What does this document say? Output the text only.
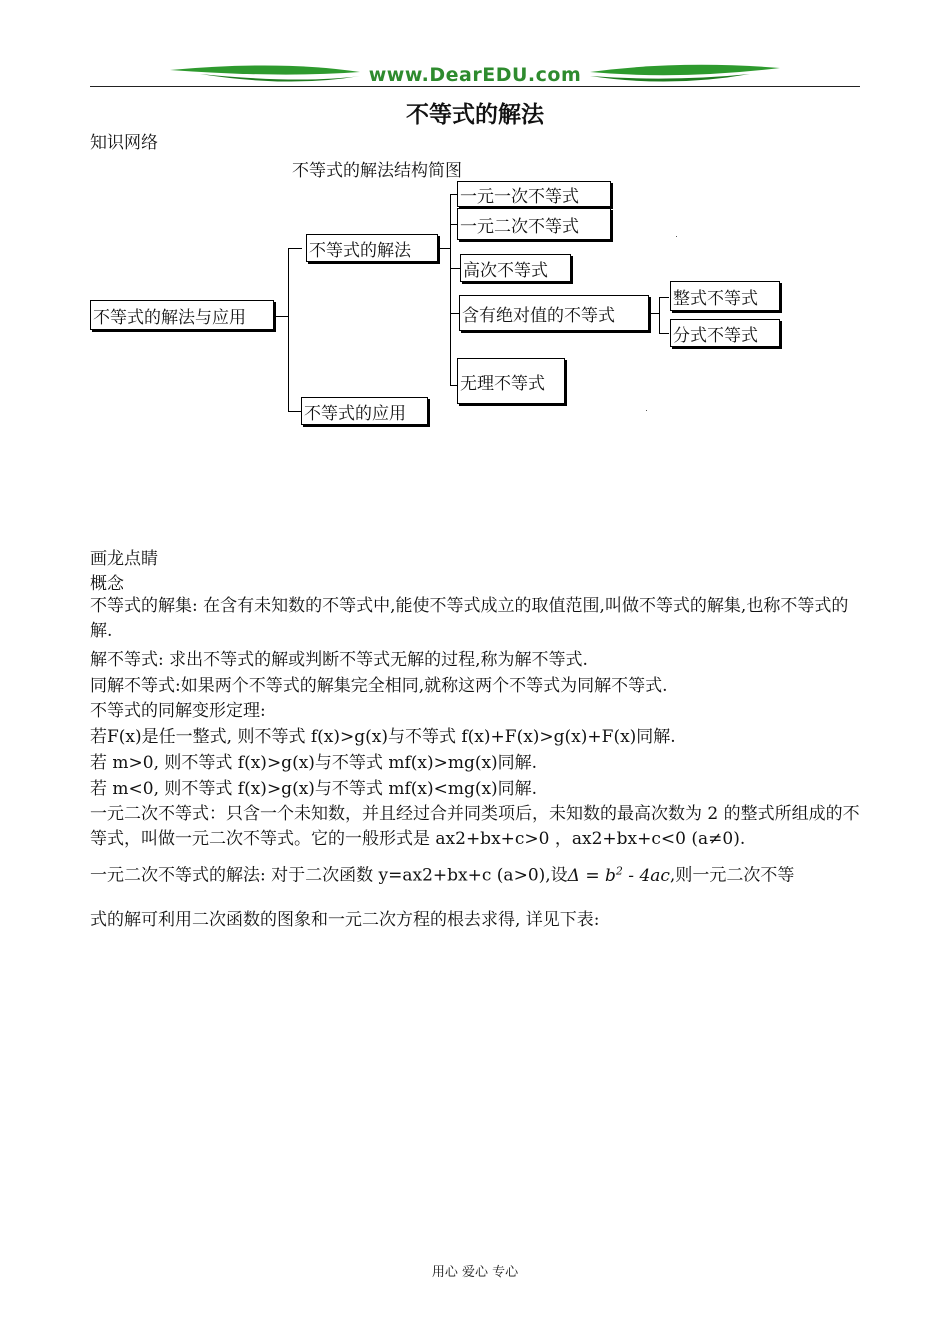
www.DearEDU.com
不等式的解法
知识网络
不等式的解法结构简图
不等式的解法与应用
不等式的解法
不等式的应用
一元一次不等式
一元二次不等式
高次不等式
含有绝对值的不等式
整式不等式
分式不等式
无理不等式
画龙点睛
概念
不等式的解集: 在含有未知数的不等式中,能使不等式成立的取值范围,叫做不等式的解集,也称不等式的解.
解不等式: 求出不等式的解或判断不等式无解的过程,称为解不等式.
同解不等式:如果两个不等式的解集完全相同,就称这两个不等式为同解不等式.
不等式的同解变形定理:
若F(x)是任一整式, 则不等式 f(x)>g(x)与不等式 f(x)+F(x)>g(x)+F(x)同解.
若 m>0, 则不等式 f(x)>g(x)与不等式 mf(x)>mg(x)同解.
若 m<0, 则不等式 f(x)>g(x)与不等式 mf(x)<mg(x)同解.
一元二次不等式：只含一个未知数，并且经过合并同类项后，未知数的最高次数为 2 的整式所组成的不等式，叫做一元二次不等式。它的一般形式是 ax2+bx+c>0 ，ax2+bx+c<0 (a≠0).
一元二次不等式的解法: 对于二次函数 y=ax2+bx+c (a>0),设$\Delta = b^2 - 4ac$,则一元二次不等
式的解可利用二次函数的图象和一元二次方程的根去求得, 详见下表:
用心 爱心 专心
